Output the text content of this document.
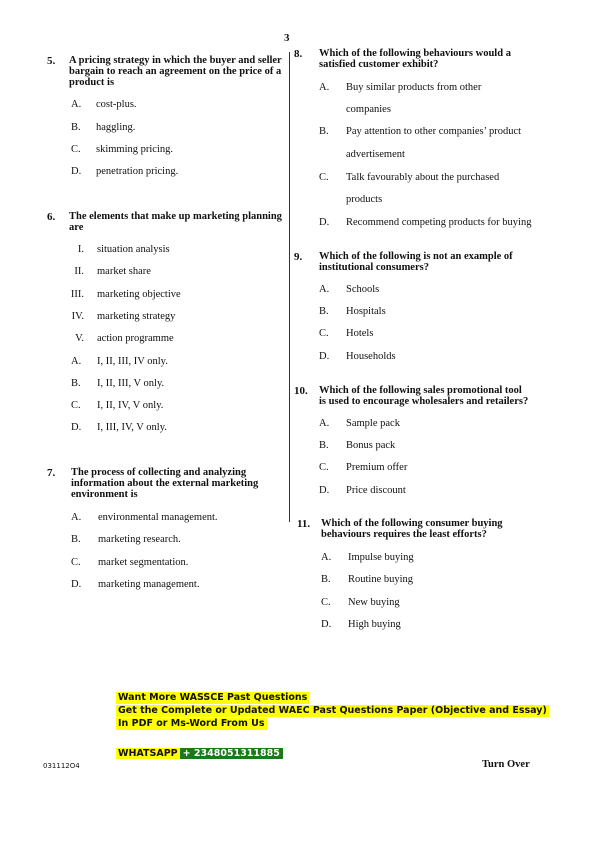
3
5. A pricing strategy in which the buyer and seller
bargain to reach an agreement on the price of a
product is
A. cost-plus.
B. haggling.
C. skimming pricing.
D. penetration pricing.
6. The elements that make up marketing planning
are
I. situation analysis
II. market share
III. marketing objective
IV. marketing strategy
V. action programme
A. I, II, III, IV only.
B. I, II, III, V only.
C. I, II, IV, V only.
D. I, III, IV, V only.
7. The process of collecting and analyzing
information about the external marketing
environment is
A. environmental management.
B. marketing research.
C. market segmentation.
D. marketing management.
8. Which of the following behaviours would a
satisfied customer exhibit?
A. Buy similar products from other
companies
B. Pay attention to other companies’ product
advertisement
C. Talk favourably about the purchased
products
D. Recommend competing products for buying
9. Which of the following is not an example of
institutional consumers?
A. Schools
B. Hospitals
C. Hotels
D. Households
10. Which of the following sales promotional tool
is used to encourage wholesalers and retailers?
A. Sample pack
B. Bonus pack
C. Premium offer
D. Price discount
11. Which of the following consumer buying
behaviours requires the least efforts?
A. Impulse buying
B. Routine buying
C. New buying
D. High buying
Want More WASSCE Past Questions
Get the Complete or Updated WAEC Past Questions Paper (Objective and Essay)
In PDF or Ms-Word From Us
WHATSAPP + 2348051311885
031112O4	Turn Over
